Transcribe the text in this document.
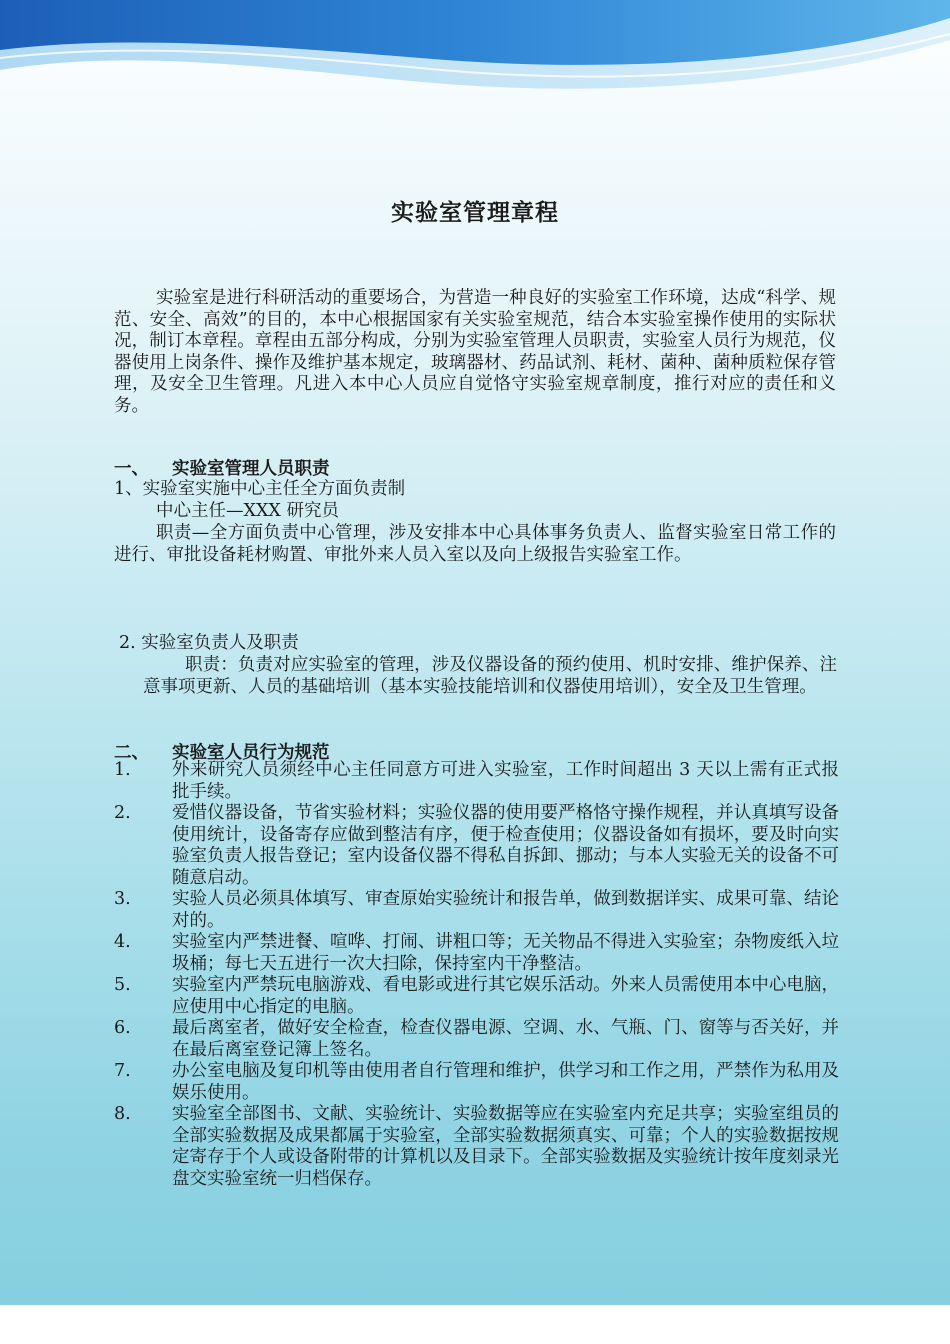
实验室管理章程
实验室是进行科研活动的重要场合，为营造一种良好的实验室工作环境，达成“科学、规范、安全、高效”的目的，本中心根据国家有关实验室规范，结合本实验室操作使用的实际状况，制订本章程。章程由五部分构成，分别为实验室管理人员职责，实验室人员行为规范，仪器使用上岗条件、操作及维护基本规定，玻璃器材、药品试剂、耗材、菌种、菌种质粒保存管理，及安全卫生管理。凡进入本中心人员应自觉恪守实验室规章制度，推行对应的责任和义务。
一、 实验室管理人员职责
1、实验室实施中心主任全方面负责制
中心主任—XXX 研究员
职责—全方面负责中心管理，涉及安排本中心具体事务负责人、监督实验室日常工作的进行、审批设备耗材购置、审批外来人员入室以及向上级报告实验室工作。
2. 实验室负责人及职责
职责：负责对应实验室的管理，涉及仪器设备的预约使用、机时安排、维护保养、注意事项更新、人员的基础培训（基本实验技能培训和仪器使用培训），安全及卫生管理。
二、 实验室人员行为规范
1.	外来研究人员须经中心主任同意方可进入实验室，工作时间超出 3 天以上需有正式报批手续。
2.	爱惜仪器设备，节省实验材料；实验仪器的使用要严格恪守操作规程，并认真填写设备使用统计，设备寄存应做到整洁有序，便于检查使用；仪器设备如有损坏，要及时向实验室负责人报告登记；室内设备仪器不得私自拆卸、挪动；与本人实验无关的设备不可随意启动。
3.	实验人员必须具体填写、审查原始实验统计和报告单，做到数据详实、成果可靠、结论对的。
4.	实验室内严禁进餐、喧哗、打闹、讲粗口等；无关物品不得进入实验室；杂物废纸入垃圾桶；每七天五进行一次大扫除，保持室内干净整洁。
5.	实验室内严禁玩电脑游戏、看电影或进行其它娱乐活动。外来人员需使用本中心电脑，应使用中心指定的电脑。
6.	最后离室者，做好安全检查，检查仪器电源、空调、水、气瓶、门、窗等与否关好，并在最后离室登记簿上签名。
7.	办公室电脑及复印机等由使用者自行管理和维护，供学习和工作之用，严禁作为私用及娱乐使用。
8.	实验室全部图书、文献、实验统计、实验数据等应在实验室内充足共享；实验室组员的全部实验数据及成果都属于实验室，全部实验数据须真实、可靠；个人的实验数据按规定寄存于个人或设备附带的计算机以及目录下。全部实验数据及实验统计按年度刻录光盘交实验室统一归档保存。
